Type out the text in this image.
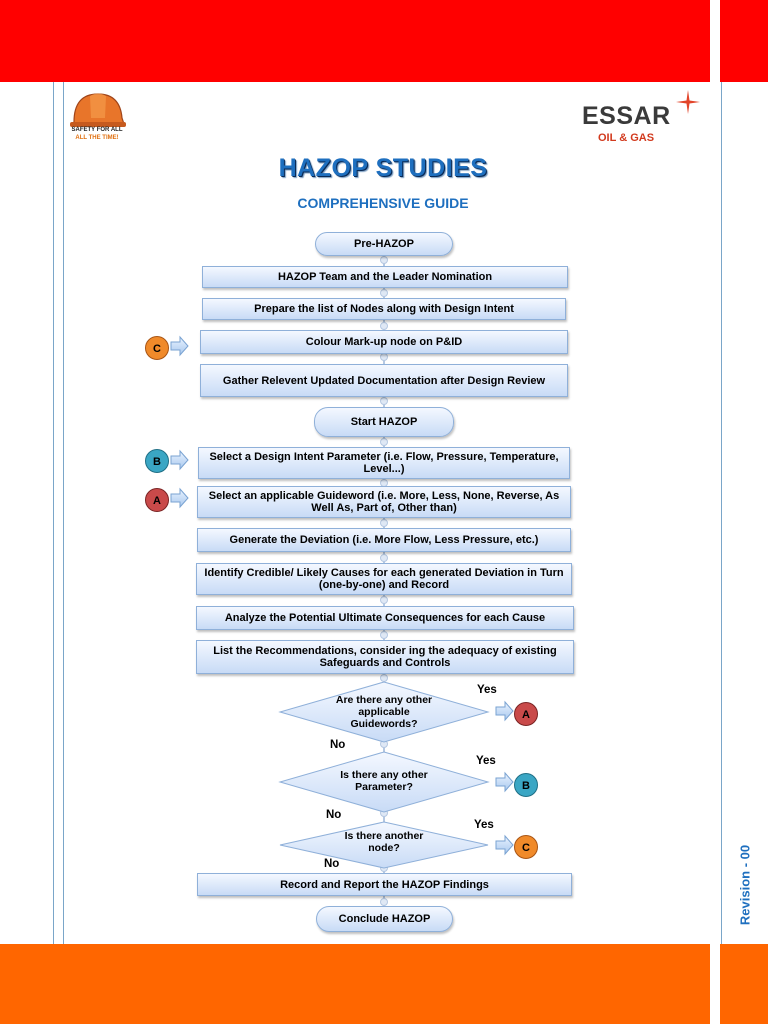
SAFETY FOR ALL
ALL THE TIME!
ESSAR
OIL & GAS
HAZOP STUDIES
COMPREHENSIVE GUIDE
C
B
A
A
B
C
Pre-HAZOP
HAZOP Team and the Leader Nomination
Prepare the list of Nodes along with Design Intent
Colour Mark-up node on P&ID
Gather Relevent Updated Documentation after Design Review
Start HAZOP
Select a Design Intent Parameter (i.e. Flow, Pressure, Temperature, Level...)
Select an applicable Guideword (i.e. More, Less, None, Reverse, As Well As, Part of, Other than)
Generate the Deviation (i.e. More Flow, Less Pressure, etc.)
Identify Credible/ Likely Causes for each generated Deviation in Turn (one-by-one) and Record
Analyze the Potential Ultimate Consequences for each Cause
List the Recommendations, consider ing the adequacy of existing Safeguards and Controls
Record and Report the HAZOP Findings
Conclude HAZOP
Are there any other applicable Guidewords?
Is there any other Parameter?
Is there another node?
Yes
No
Yes
No
Yes
No	Revision - 00
